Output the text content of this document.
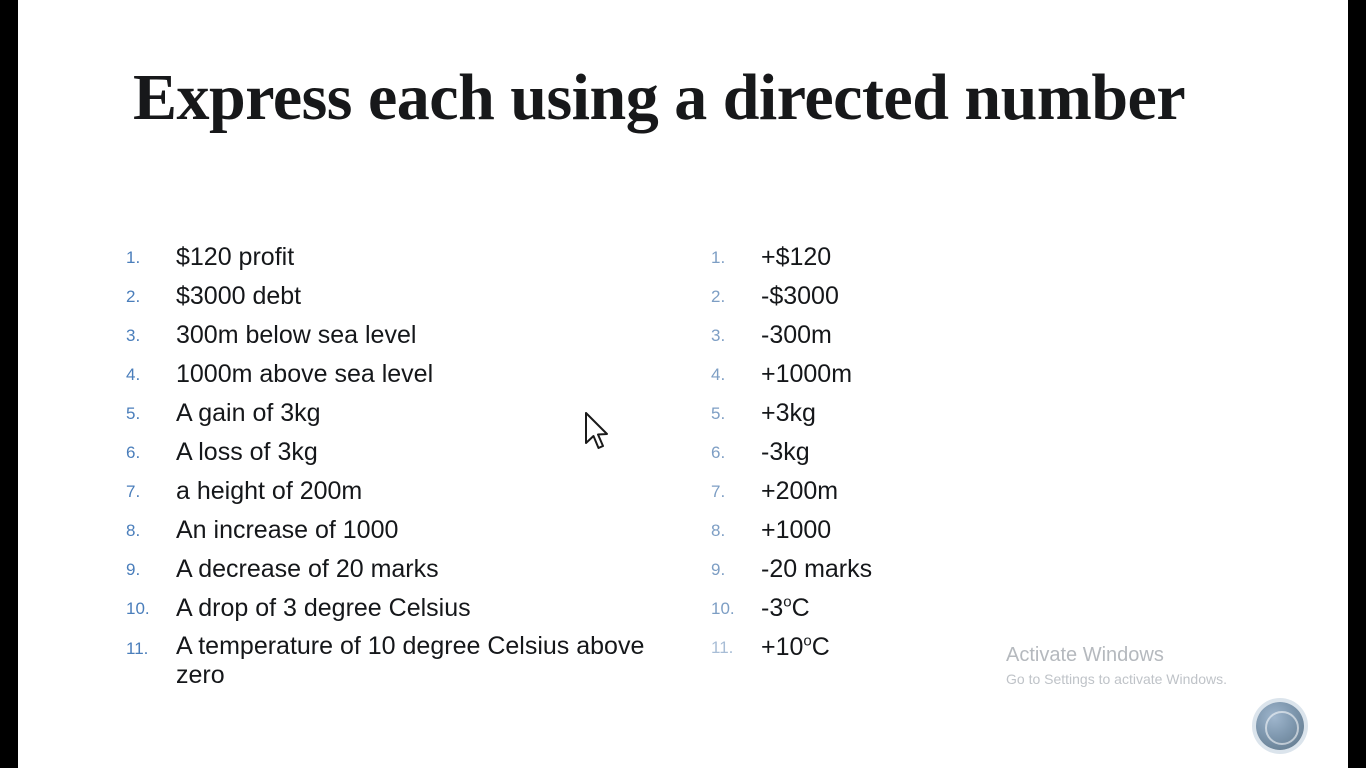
Express each using a directed number
1.	$120 profit
2.	$3000 debt
3.	300m below sea level
4.	1000m above sea level
5.	A gain of 3kg
6.	A loss of 3kg
7.	a height of 200m
8.	An increase of 1000
9.	A decrease of 20 marks
10.	A drop of 3 degree Celsius
11.	A temperature of 10 degree Celsius above
zero
1.	+$120
2.	-$3000
3.	-300m
4.	+1000m
5.	+3kg
6.	-3kg
7.	+200m
8.	+1000
9.	-20 marks
10.	-3$^o$C
11.	$+10^oC$	Activate Windows
Go to Settings to activate Windows.
